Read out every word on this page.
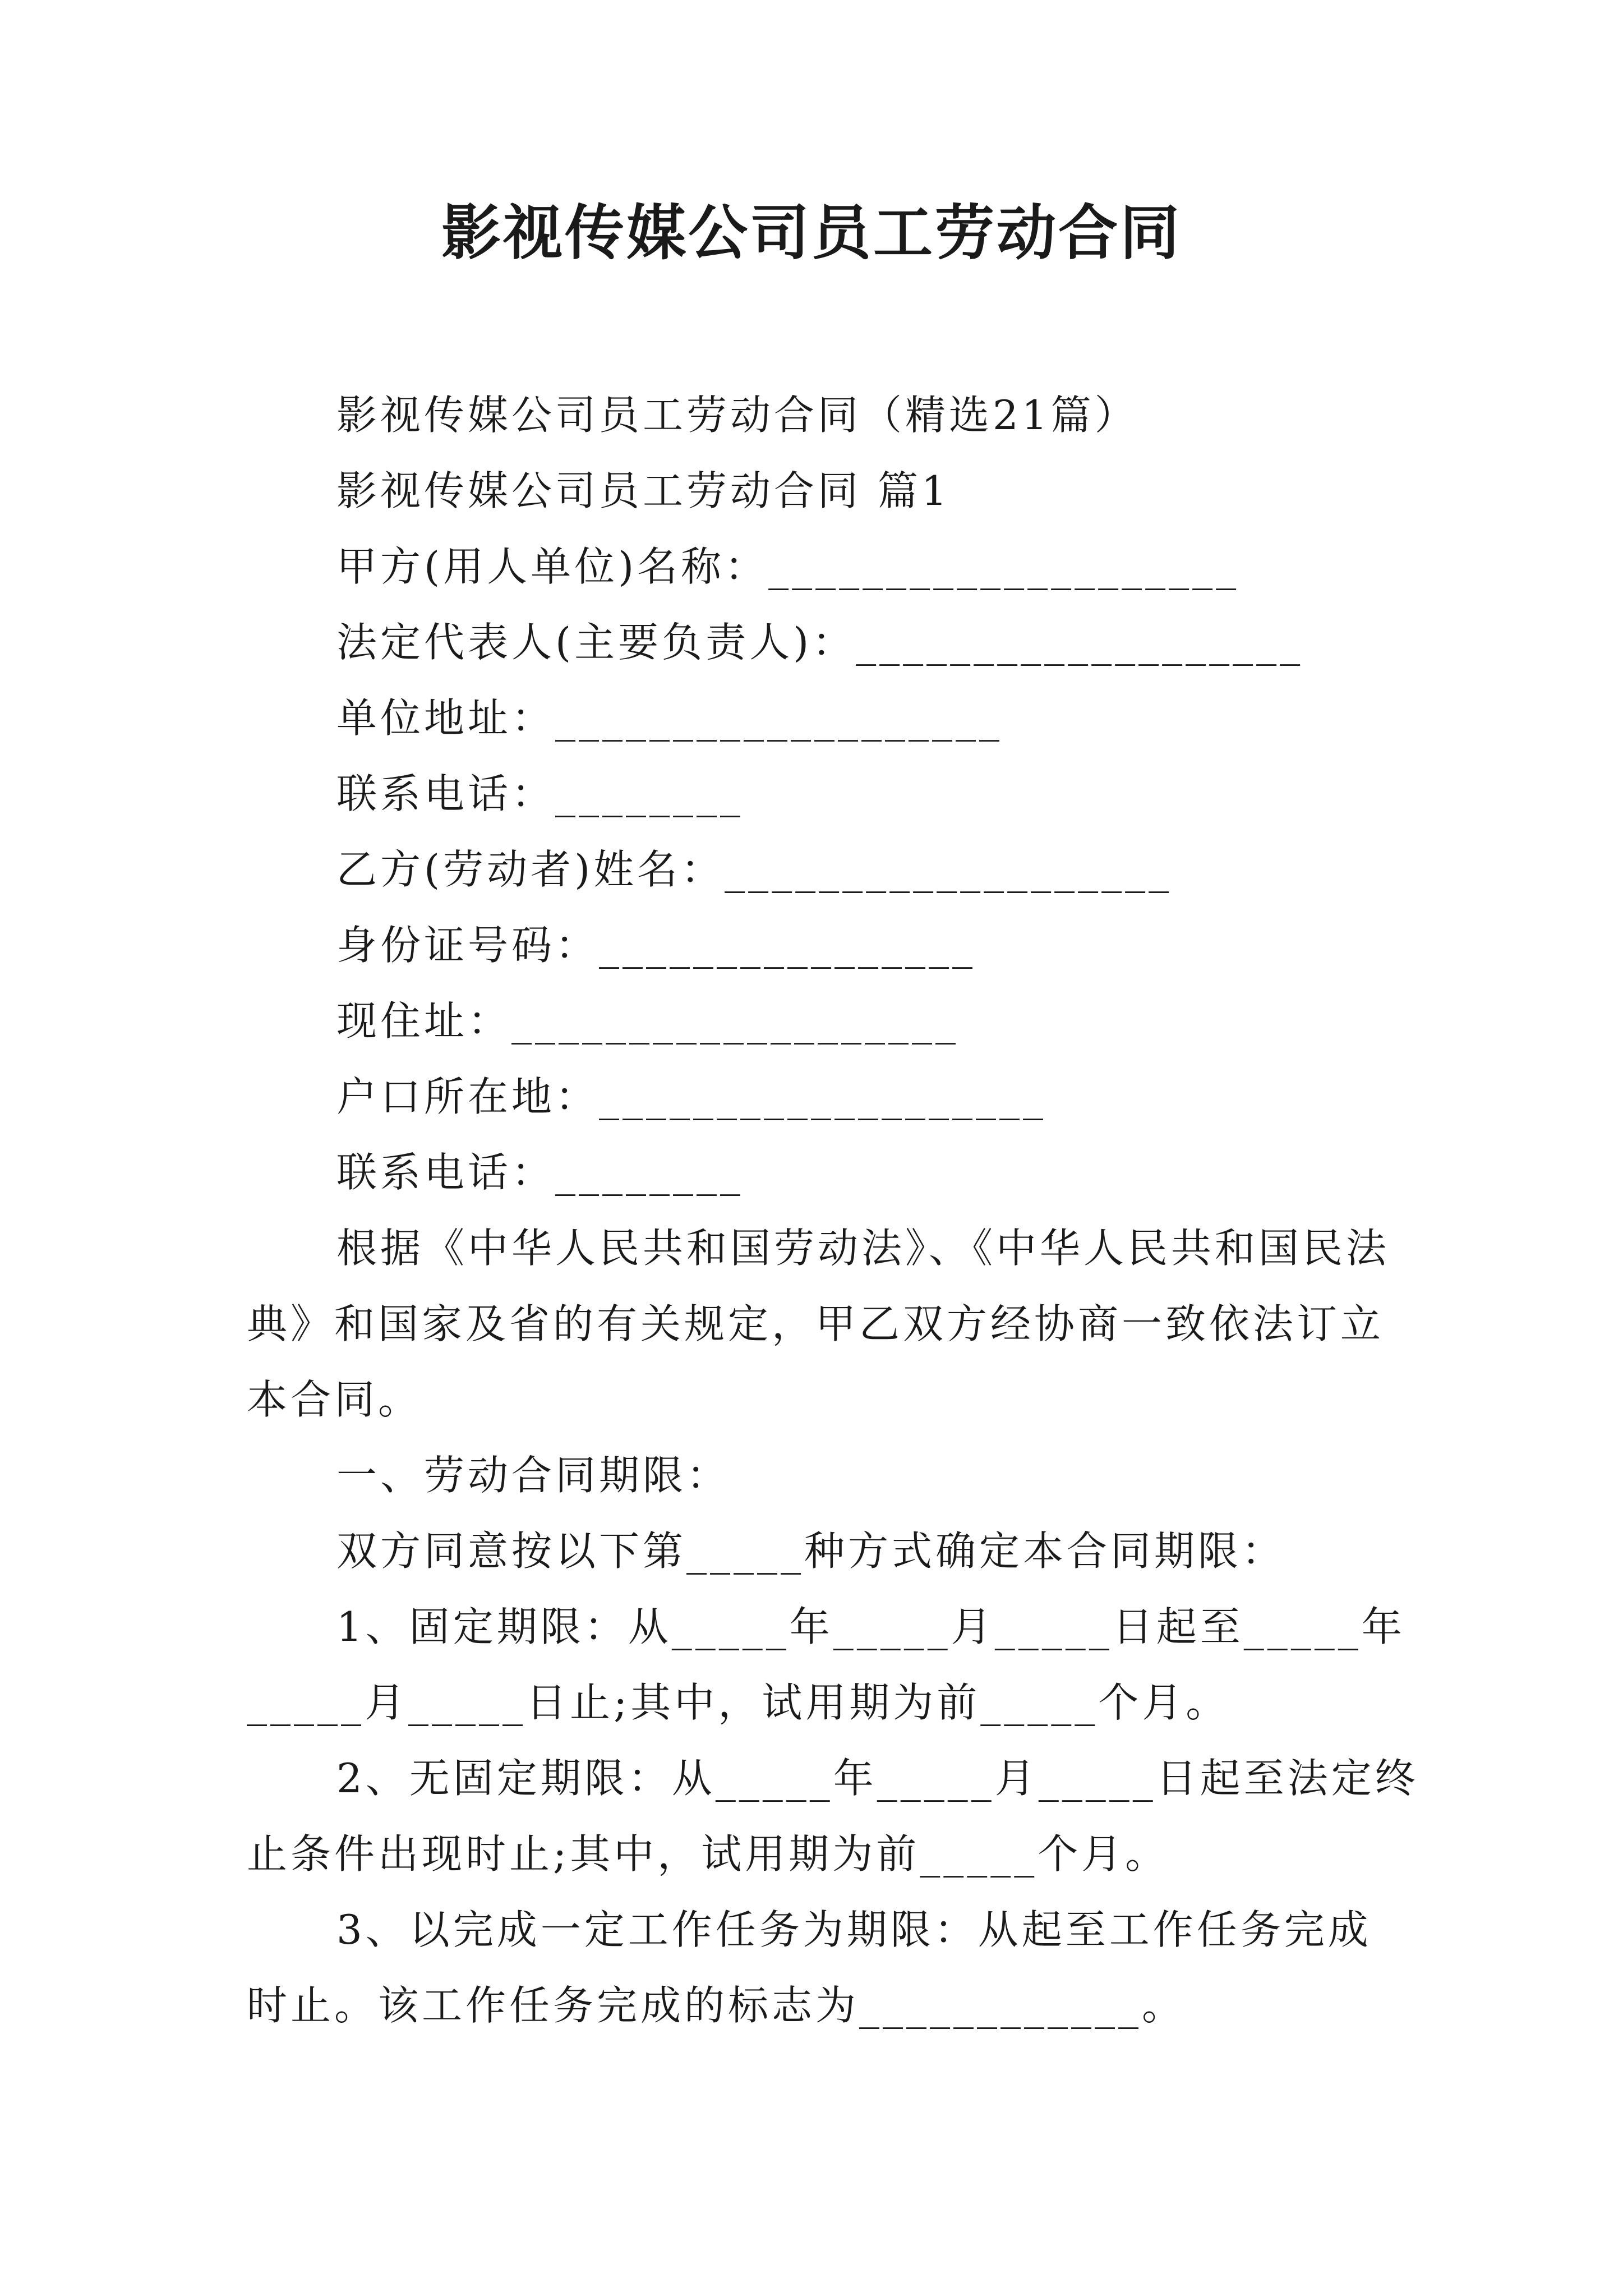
影视传媒公司员工劳动合同
影视传媒公司员工劳动合同（精选21篇）
影视传媒公司员工劳动合同 篇1
甲方(用人单位)名称：____________________
法定代表人(主要负责人)：___________________
单位地址：___________________
联系电话：________
乙方(劳动者)姓名：___________________
身份证号码：________________
现住址：___________________
户口所在地：___________________
联系电话：________
根据《中华人民共和国劳动法》、《中华人民共和国民法
典》和国家及省的有关规定，甲乙双方经协商一致依法订立
本合同。
一、劳动合同期限：
双方同意按以下第_____种方式确定本合同期限：
1、固定期限：从_____年_____月_____日起至_____年
_____月_____日止;其中，试用期为前_____个月。
2、无固定期限：从_____年_____月_____日起至法定终
止条件出现时止;其中，试用期为前_____个月。
3、以完成一定工作任务为期限：从起至工作任务完成
时止。该工作任务完成的标志为____________。
